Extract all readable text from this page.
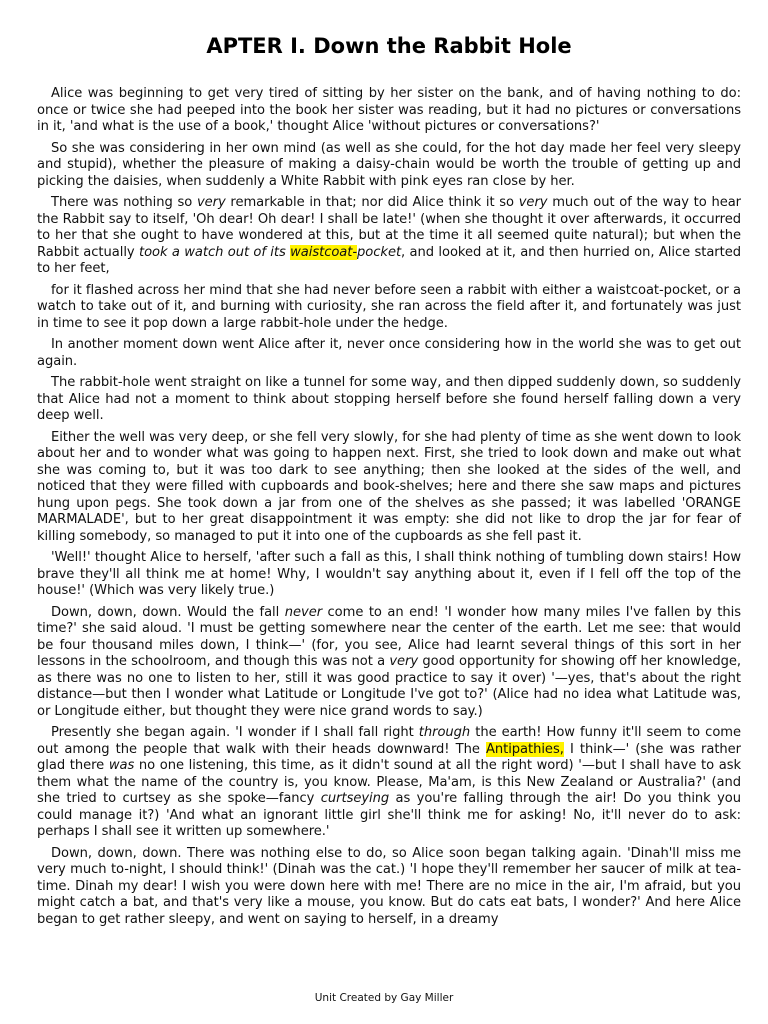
APTER I. Down the Rabbit Hole

Alice was beginning to get very tired of sitting by her sister on the bank, and of having nothing to do: once or twice she had peeped into the book her sister was reading, but it had no pictures or conversations in it, 'and what is the use of a book,' thought Alice 'without pictures or conversations?'

So she was considering in her own mind (as well as she could, for the hot day made her feel very sleepy and stupid), whether the pleasure of making a daisy-chain would be worth the trouble of getting up and picking the daisies, when suddenly a White Rabbit with pink eyes ran close by her.

There was nothing so very remarkable in that; nor did Alice think it so very much out of the way to hear the Rabbit say to itself, 'Oh dear! Oh dear! I shall be late!' (when she thought it over afterwards, it occurred to her that she ought to have wondered at this, but at the time it all seemed quite natural); but when the Rabbit actually took a watch out of its waistcoat-pocket, and looked at it, and then hurried on, Alice started to her feet,

for it flashed across her mind that she had never before seen a rabbit with either a waistcoat-pocket, or a watch to take out of it, and burning with curiosity, she ran across the field after it, and fortunately was just in time to see it pop down a large rabbit-hole under the hedge.

In another moment down went Alice after it, never once considering how in the world she was to get out again.

The rabbit-hole went straight on like a tunnel for some way, and then dipped suddenly down, so suddenly that Alice had not a moment to think about stopping herself before she found herself falling down a very deep well.

Either the well was very deep, or she fell very slowly, for she had plenty of time as she went down to look about her and to wonder what was going to happen next. First, she tried to look down and make out what she was coming to, but it was too dark to see anything; then she looked at the sides of the well, and noticed that they were filled with cupboards and book-shelves; here and there she saw maps and pictures hung upon pegs. She took down a jar from one of the shelves as she passed; it was labelled 'ORANGE MARMALADE', but to her great disappointment it was empty: she did not like to drop the jar for fear of killing somebody, so managed to put it into one of the cupboards as she fell past it.

'Well!' thought Alice to herself, 'after such a fall as this, I shall think nothing of tumbling down stairs! How brave they'll all think me at home! Why, I wouldn't say anything about it, even if I fell off the top of the house!' (Which was very likely true.)

Down, down, down. Would the fall never come to an end! 'I wonder how many miles I've fallen by this time?' she said aloud. 'I must be getting somewhere near the center of the earth. Let me see: that would be four thousand miles down, I think—' (for, you see, Alice had learnt several things of this sort in her lessons in the schoolroom, and though this was not a very good opportunity for showing off her knowledge, as there was no one to listen to her, still it was good practice to say it over) '—yes, that's about the right distance—but then I wonder what Latitude or Longitude I've got to?' (Alice had no idea what Latitude was, or Longitude either, but thought they were nice grand words to say.)

Presently she began again. 'I wonder if I shall fall right through the earth! How funny it'll seem to come out among the people that walk with their heads downward! The Antipathies, I think—' (she was rather glad there was no one listening, this time, as it didn't sound at all the right word) '—but I shall have to ask them what the name of the country is, you know. Please, Ma'am, is this New Zealand or Australia?' (and she tried to curtsey as she spoke—fancy curtseying as you're falling through the air! Do you think you could manage it?) 'And what an ignorant little girl she'll think me for asking! No, it'll never do to ask: perhaps I shall see it written up somewhere.'

Down, down, down. There was nothing else to do, so Alice soon began talking again. 'Dinah'll miss me very much to-night, I should think!' (Dinah was the cat.) 'I hope they'll remember her saucer of milk at tea-time. Dinah my dear! I wish you were down here with me! There are no mice in the air, I'm afraid, but you might catch a bat, and that's very like a mouse, you know. But do cats eat bats, I wonder?' And here Alice began to get rather sleepy, and went on saying to herself, in a dreamy

Unit Created by Gay Miller
